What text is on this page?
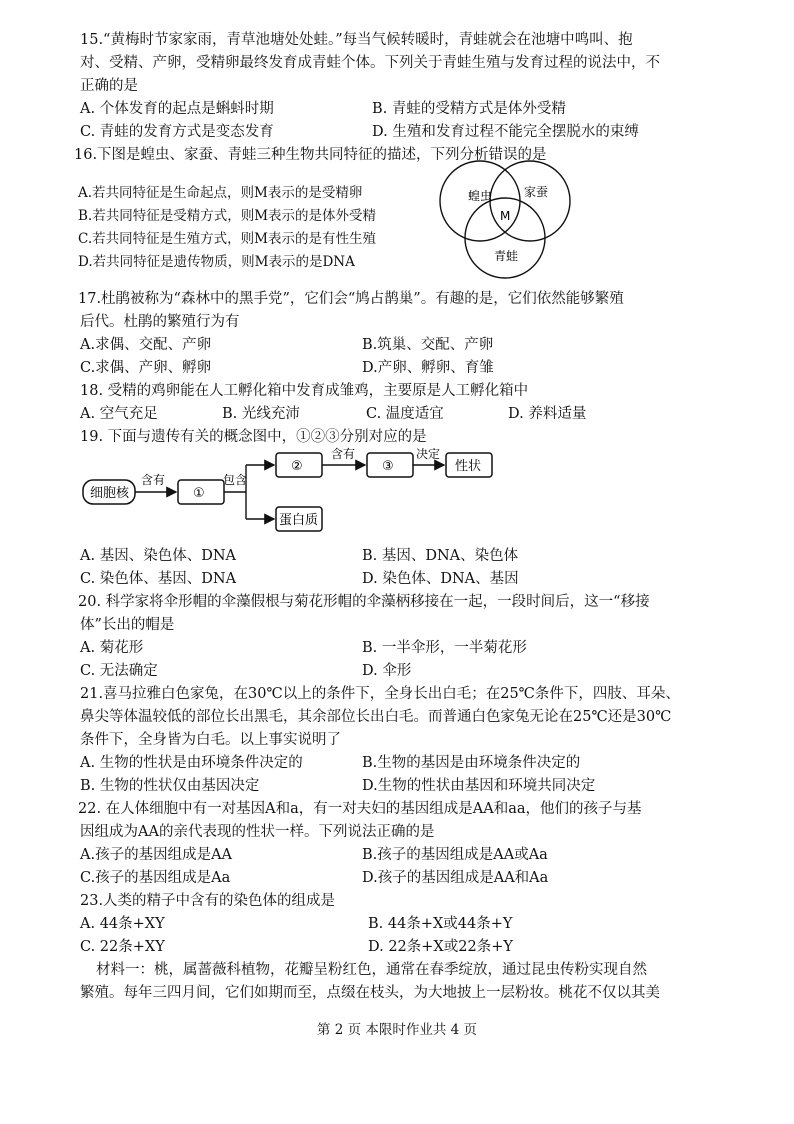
15.“黄梅时节家家雨，青草池塘处处蛙。”每当气候转暖时，青蛙就会在池塘中鸣叫、抱
对、受精、产卵，受精卵最终发育成青蛙个体。下列关于青蛙生殖与发育过程的说法中，不
正确的是
A. 个体发育的起点是蝌蚪时期	B. 青蛙的受精方式是体外受精
C. 青蛙的发育方式是变态发育	D. 生殖和发育过程不能完全摆脱水的束缚
16.下图是蝗虫、家蚕、青蛙三种生物共同特征的描述，下列分析错误的是
A.若共同特征是生命起点，则M表示的是受精卵
B.若共同特征是受精方式，则M表示的是体外受精
C.若共同特征是生殖方式，则M表示的是有性生殖
D.若共同特征是遗传物质，则M表示的是DNA
蝗虫	家蚕
M
青蛙
17.杜鹃被称为“森林中的黑手党”，它们会“鸠占鹊巢”。有趣的是，它们依然能够繁殖
后代。杜鹃的繁殖行为有
A.求偶、交配、产卵	B.筑巢、交配、产卵
C.求偶、产卵、孵卵	D.产卵、孵卵、育雏
18. 受精的鸡卵能在人工孵化箱中发育成雏鸡，主要原是人工孵化箱中
A. 空气充足	B. 光线充沛	C. 温度适宜	D. 养料适量
19. 下面与遗传有关的概念图中，①②③分别对应的是
细胞核
含有
①
包含
②
含有
③
决定
性状
蛋白质
A. 基因、染色体、DNA	B. 基因、DNA、染色体
C. 染色体、基因、DNA	D. 染色体、DNA、基因
20. 科学家将伞形帽的伞藻假根与菊花形帽的伞藻柄移接在一起，一段时间后，这一“移接
体”长出的帽是
A. 菊花形	B. 一半伞形，一半菊花形
C. 无法确定	D. 伞形
21.喜马拉雅白色家兔，在30℃以上的条件下，全身长出白毛；在25℃条件下，四肢、耳朵、
鼻尖等体温较低的部位长出黑毛，其余部位长出白毛。而普通白色家兔无论在25℃还是30℃
条件下，全身皆为白毛。以上事实说明了
A. 生物的性状是由环境条件决定的	B.生物的基因是由环境条件决定的
B. 生物的性状仅由基因决定	D.生物的性状由基因和环境共同决定
22. 在人体细胞中有一对基因A和a，有一对夫妇的基因组成是AA和aa，他们的孩子与基
因组成为AA的亲代表现的性状一样。下列说法正确的是
A.孩子的基因组成是AA	B.孩子的基因组成是AA或Aa
C.孩子的基因组成是Aa	D.孩子的基因组成是AA和Aa
23.人类的精子中含有的染色体的组成是
A. 44条+XY	B. 44条+X或44条+Y
C. 22条+XY	D. 22条+X或22条+Y
材料一：桃，属蔷薇科植物，花瓣呈粉红色，通常在春季绽放，通过昆虫传粉实现自然
繁殖。每年三四月间，它们如期而至，点缀在枝头，为大地披上一层粉妆。桃花不仅以其美
第 2 页 本限时作业共 4 页
